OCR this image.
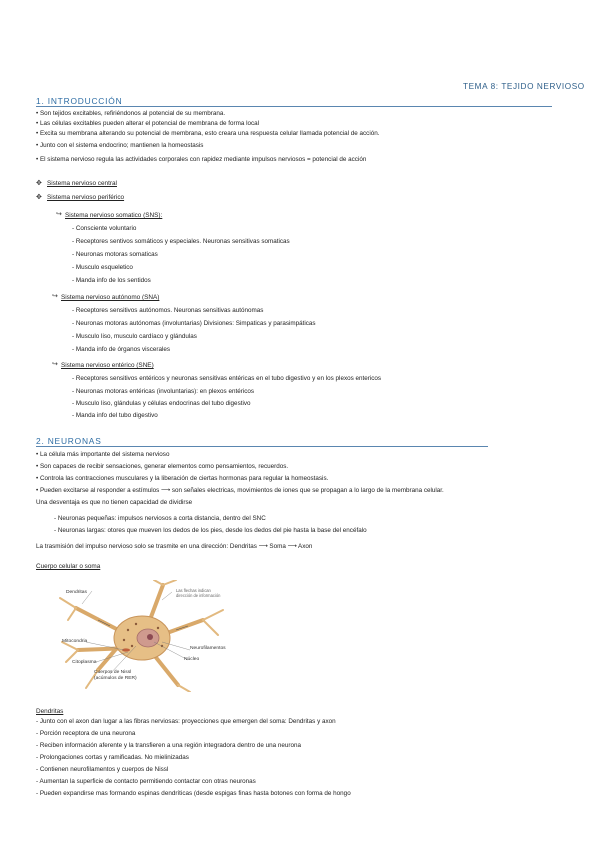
TEMA 8: TEJIDO NERVIOSO
1. INTRODUCCIÓN
• Son tejidos excitables, refiriéndonos al potencial de su membrana.
• Las células excitables pueden alterar el potencial de membrana de forma local
• Excita su membrana alterando su potencial de membrana, esto creara una respuesta celular llamada potencial de acción.
• Junto con el sistema endocrino; mantienen la homeostasis
• El sistema nervioso regula las actividades corporales con rapidez mediante impulsos nerviosos = potencial de acción
✥ Sistema nervioso central
✥ Sistema nervioso periférico
↪ Sistema nervioso somatico (SNS):
- Consciente voluntario
- Receptores sentivos somáticos y especiales. Neuronas sensitivas somaticas
- Neuronas motoras somaticas
- Musculo esqueletico
- Manda info de los sentidos
↪ Sistema nervioso autónomo (SNA)
- Receptores sensitivos autónomos. Neuronas sensitivas autónomas
- Neuronas motoras autónomas (involuntarias) Divisiones: Simpaticas y parasimpáticas
- Musculo liso, musculo cardíaco y glándulas
- Manda info de órganos viscerales
↪ Sistema nervioso entérico (SNE)
- Receptores sensitivos entéricos y neuronas sensitivas entéricas en el tubo digestivo y en los plexos entericos
- Neuronas motoras entéricas (involuntarias): en plexos entéricos
- Musculo liso, glándulas y células endocrinas del tubo digestivo
- Manda info del tubo digestivo
2. NEURONAS
• La célula más importante del sistema nervioso
• Son capaces de recibir sensaciones, generar elementos como pensamientos, recuerdos.
• Controla las contracciones musculares y la liberación de ciertas hormonas para regular la homeostasis.
• Pueden excitarse al responder a estímulos ⟶ son señales electricas, movimientos de iones que se propagan a lo largo de la membrana celular.
Una desventaja es que no tienen capacidad de dividirse
- Neuronas pequeñas: impulsos nerviosos a corta distancia, dentro del SNC
- Neuronas largas: otores que mueven los dedos de los pies, desde los dedos del pie hasta la base del encéfalo
La trasmisión del impulso nervioso solo se trasmite en una dirección: Dendritas ⟶ Soma ⟶ Axon
Cuerpo celular o soma
Dendritas	Las flechas indican
dirección de información
Neurofilamentos
Núcleo
Mitocondria
Citoplasma
Cuerpos de Nissl
(acúmulos de RER)
Dendritas
- Junto con el axon dan lugar a las fibras nerviosas: proyecciones que emergen del soma: Dendritas y axon
- Porción receptora de una neurona
- Reciben información aferente y la transfieren a una región integradora dentro de una neurona
- Prolongaciones cortas y ramificadas. No mielinizadas
- Contienen neurofilamentos y cuerpos de Nissl
- Aumentan la superficie de contacto permitiendo contactar con otras neuronas
- Pueden expandirse mas formando espinas dendríticas (desde espigas finas hasta botones con forma de hongo
